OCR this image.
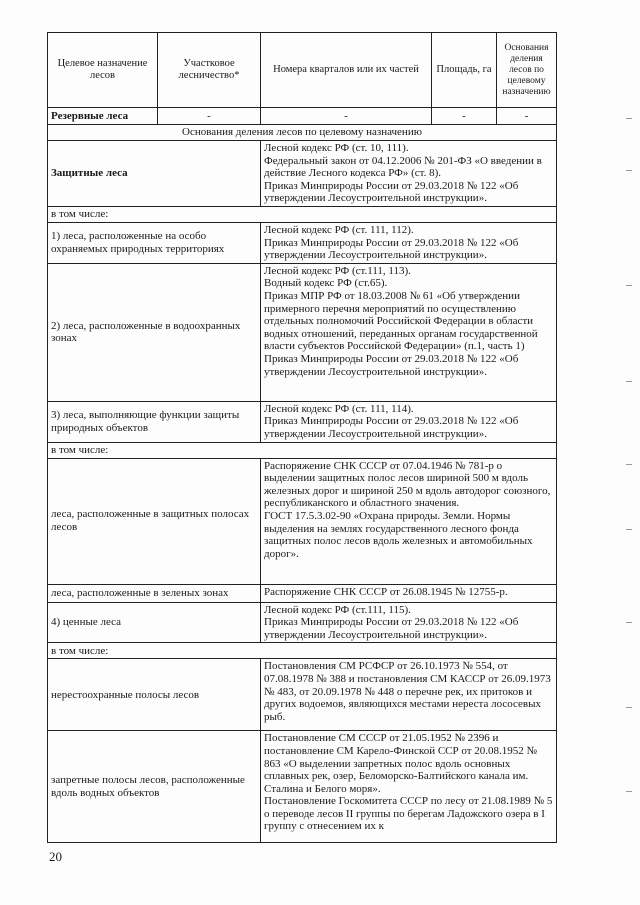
Целевое назначение лесов	Участковое лесничество*	Номера кварталов или их частей	Площадь, га	Основания деления лесов по целевому назначению
Резервные леса	-	-	-	-
Основания деления лесов по целевому назначению				
Защитные леса		Лесной кодекс РФ (ст. 10, 111).
Федеральный закон от 04.12.2006 № 201-ФЗ «О введении в действие Лесного кодекса РФ» (ст. 8).
Приказ Минприроды России от 29.03.2018 № 122 «Об утверждении Лесоустроительной инструкции».		
в том числе:				
1) леса, расположенные на особо охраняемых природных территориях		Лесной кодекс РФ (ст. 111, 112).
Приказ Минприроды России от 29.03.2018 № 122 «Об утверждении Лесоустроительной инструкции».		
2) леса, расположенные в водоохранных зонах		Лесной кодекс РФ (ст.111, 113).
Водный кодекс РФ (ст.65).
Приказ МПР РФ от 18.03.2008 № 61 «Об утверждении примерного перечня мероприятий по осуществлению отдельных полномочий Российской Федерации в области водных отношений, переданных органам государственной власти субъектов Российской Федерации» (п.1, часть 1)
Приказ Минприроды России от 29.03.2018 № 122 «Об утверждении Лесоустроительной инструкции».		
3) леса, выполняющие функции защиты природных объектов		Лесной кодекс РФ (ст. 111, 114).
Приказ Минприроды России от 29.03.2018 № 122 «Об утверждении Лесоустроительной инструкции».		
в том числе:				
леса, расположенные в защитных полосах лесов		Распоряжение СНК СССР от 07.04.1946 № 781-р о выделении защитных полос лесов шириной 500 м вдоль железных дорог и шириной 250 м вдоль автодорог союзного, республиканского и областного значения.
ГОСТ 17.5.3.02-90 «Охрана природы. Земли. Нормы выделения на землях государственного лесного фонда защитных полос лесов вдоль железных и автомобильных дорог».		
леса, расположенные в зеленых зонах		Распоряжение СНК СССР от 26.08.1945 № 12755-р.		
4) ценные леса		Лесной кодекс РФ (ст.111, 115).
Приказ Минприроды России от 29.03.2018 № 122 «Об утверждении Лесоустроительной инструкции».		
в том числе:				
нерестоохранные полосы лесов		Постановления СМ РСФСР от 26.10.1973 № 554, от 07.08.1978 № 388 и постановления СМ КАССР от 26.09.1973 № 483, от 20.09.1978 № 448 о перечне рек, их притоков и других водоемов, являющихся местами нереста лососевых рыб.		
запретные полосы лесов, расположенные вдоль водных объектов		Постановление СМ СССР от 21.05.1952 № 2396 и постановление СМ Карело-Финской ССР от 20.08.1952 № 863 «О выделении запретных полос вдоль основных сплавных рек, озер, Беломорско-Балтийского канала им. Сталина и Белого моря».
Постановление Госкомитета СССР по лесу от 21.08.1989 № 5 о переводе лесов II группы по берегам Ладожского озера в I группу с отнесением их к		
20
